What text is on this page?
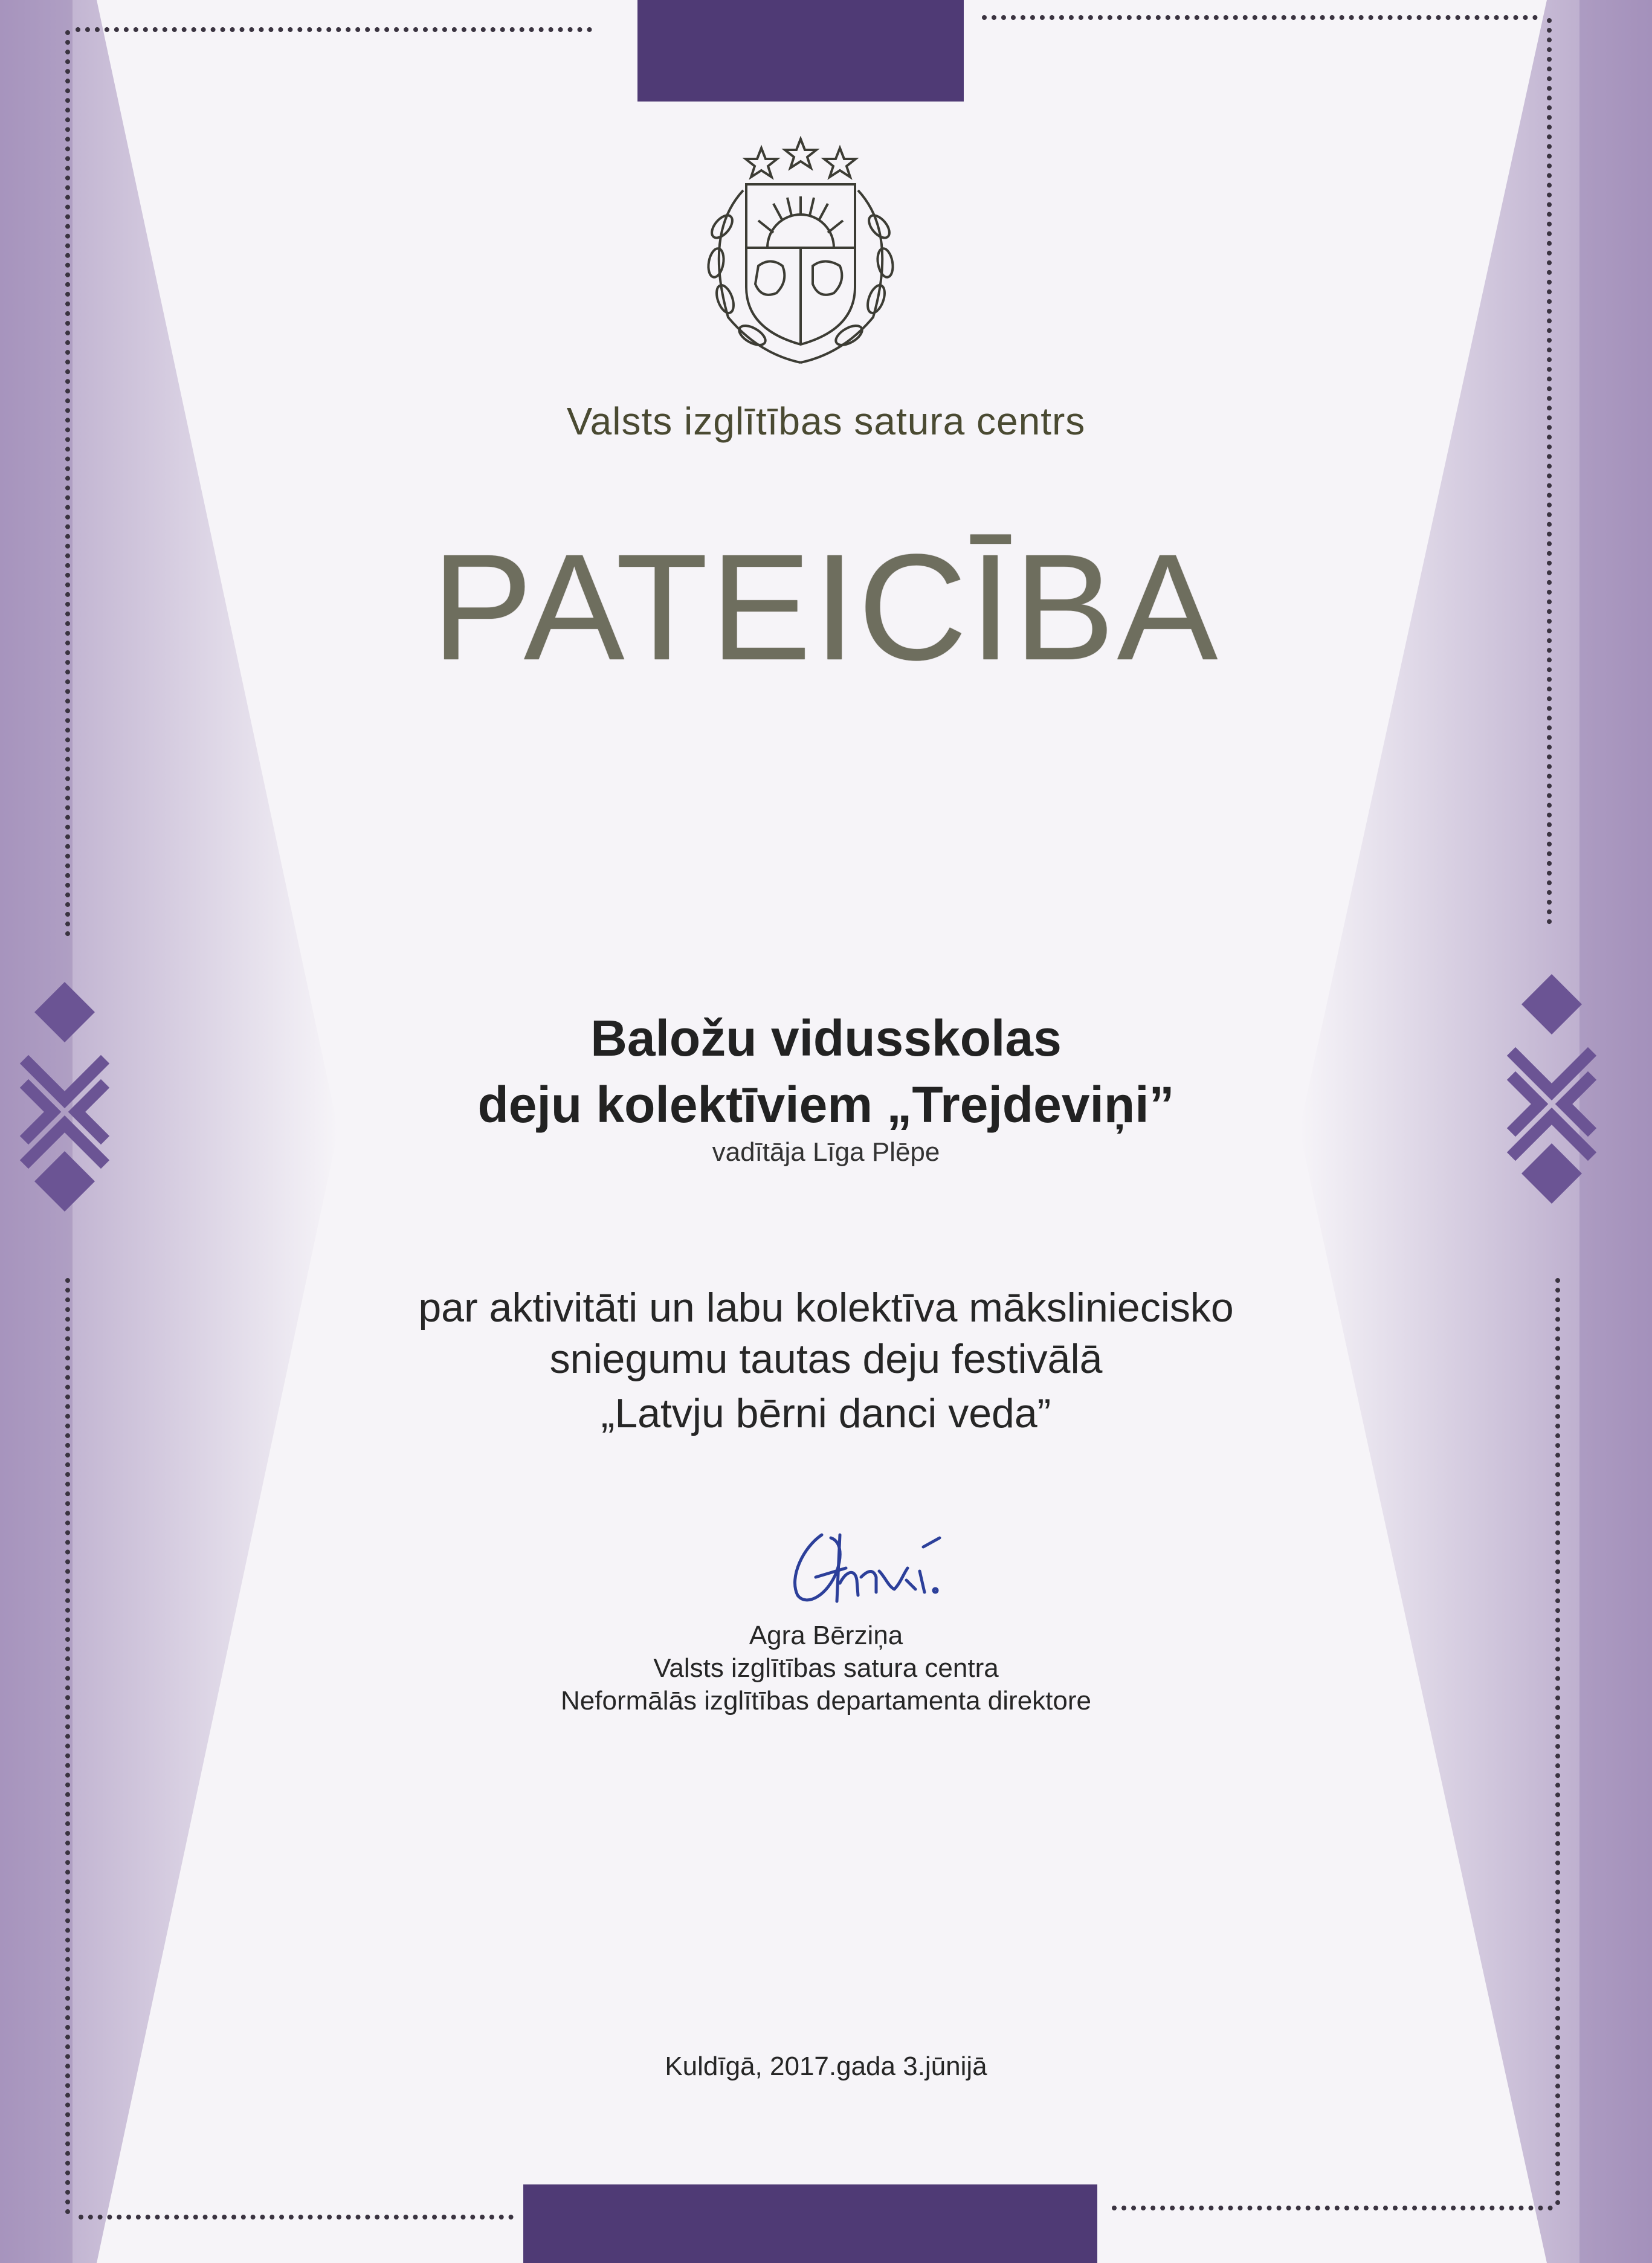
Valsts izglītības satura centrs
PATEICĪBA
Baložu vidusskolas
deju kolektīviem „Trejdeviņi”
vadītāja Līga Plēpe
par aktivitāti un labu kolektīva māksliniecisko
sniegumu tautas deju festivālā
„Latvju bērni danci veda”
Agra Bērziņa
Valsts izglītības satura centra
Neformālās izglītības departamenta direktore
Kuldīgā, 2017.gada 3.jūnijā
